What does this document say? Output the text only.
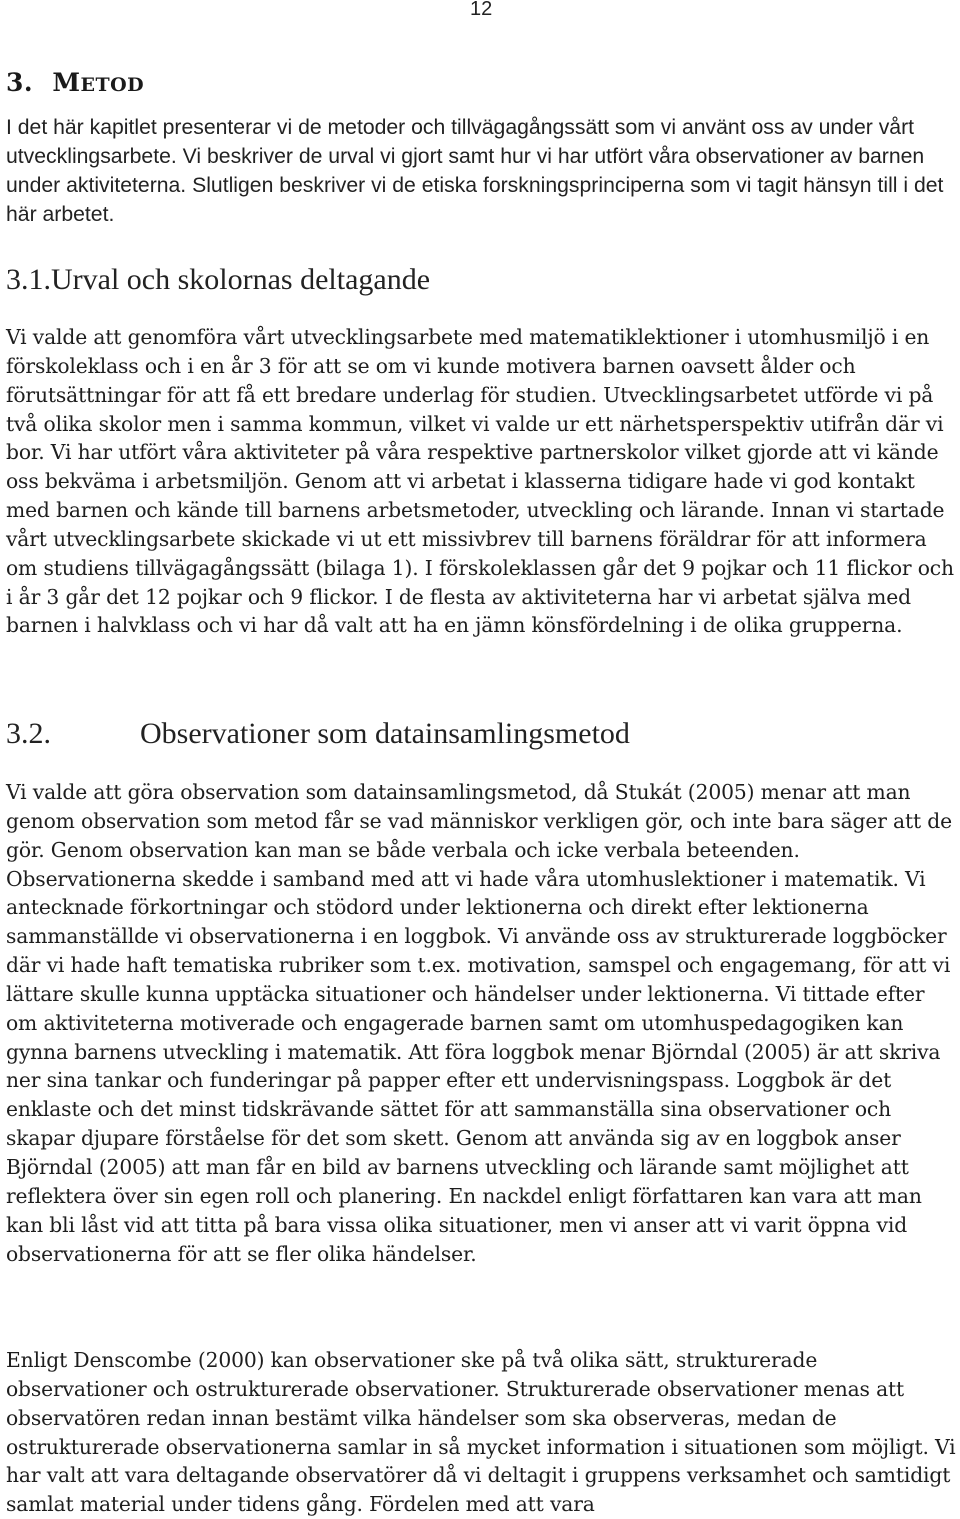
12
3. METOD

I det här kapitlet presenterar vi de metoder och tillvägagångssätt som vi använt oss av under vårt utvecklingsarbete. Vi beskriver de urval vi gjort samt hur vi har utfört våra observationer av barnen under aktiviteterna. Slutligen beskriver vi de etiska forskningsprinciperna som vi tagit hänsyn till i det här arbetet.

3.1.Urval och skolornas deltagande

Vi valde att genomföra vårt utvecklingsarbete med matematiklektioner i utomhusmiljö i en förskoleklass och i en år 3 för att se om vi kunde motivera barnen oavsett ålder och förutsättningar för att få ett bredare underlag för studien. Utvecklingsarbetet utförde vi på två olika skolor men i samma kommun, vilket vi valde ur ett närhetsperspektiv utifrån där vi bor. Vi har utfört våra aktiviteter på våra respektive partnerskolor vilket gjorde att vi kände oss bekväma i arbetsmiljön. Genom att vi arbetat i klasserna tidigare hade vi god kontakt med barnen och kände till barnens arbetsmetoder, utveckling och lärande. Innan vi startade vårt utvecklingsarbete skickade vi ut ett missivbrev till barnens föräldrar för att informera om studiens tillvägagångssätt (bilaga 1). I förskoleklassen går det 9 pojkar och 11 flickor och i år 3 går det 12 pojkar och 9 flickor. I de flesta av aktiviteterna har vi arbetat själva med barnen i halvklass och vi har då valt att ha en jämn könsfördelning i de olika grupperna.

3.2.	Observationer som datainsamlingsmetod

Vi valde att göra observation som datainsamlingsmetod, då Stukát (2005) menar att man genom observation som metod får se vad människor verkligen gör, och inte bara säger att de gör. Genom observation kan man se både verbala och icke verbala beteenden. Observationerna skedde i samband med att vi hade våra utomhuslektioner i matematik. Vi antecknade förkortningar och stödord under lektionerna och direkt efter lektionerna sammanställde vi observationerna i en loggbok. Vi använde oss av strukturerade loggböcker där vi hade haft tematiska rubriker som t.ex. motivation, samspel och engagemang, för att vi lättare skulle kunna upptäcka situationer och händelser under lektionerna. Vi tittade efter om aktiviteterna motiverade och engagerade barnen samt om utomhuspedagogiken kan gynna barnens utveckling i matematik. Att föra loggbok menar Björndal (2005) är att skriva ner sina tankar och funderingar på papper efter ett undervisningspass. Loggbok är det enklaste och det minst tidskrävande sättet för att sammanställa sina observationer och skapar djupare förståelse för det som skett. Genom att använda sig av en loggbok anser Björndal (2005) att man får en bild av barnens utveckling och lärande samt möjlighet att reflektera över sin egen roll och planering. En nackdel enligt författaren kan vara att man kan bli låst vid att titta på bara vissa olika situationer, men vi anser att vi varit öppna vid observationerna för att se fler olika händelser.

Enligt Denscombe (2000) kan observationer ske på två olika sätt, strukturerade observationer och ostrukturerade observationer. Strukturerade observationer menas att observatören redan innan bestämt vilka händelser som ska observeras, medan de ostrukturerade observationerna samlar in så mycket information i situationen som möjligt. Vi har valt att vara deltagande observatörer då vi deltagit i gruppens verksamhet och samtidigt samlat material under tidens gång. Fördelen med att vara
